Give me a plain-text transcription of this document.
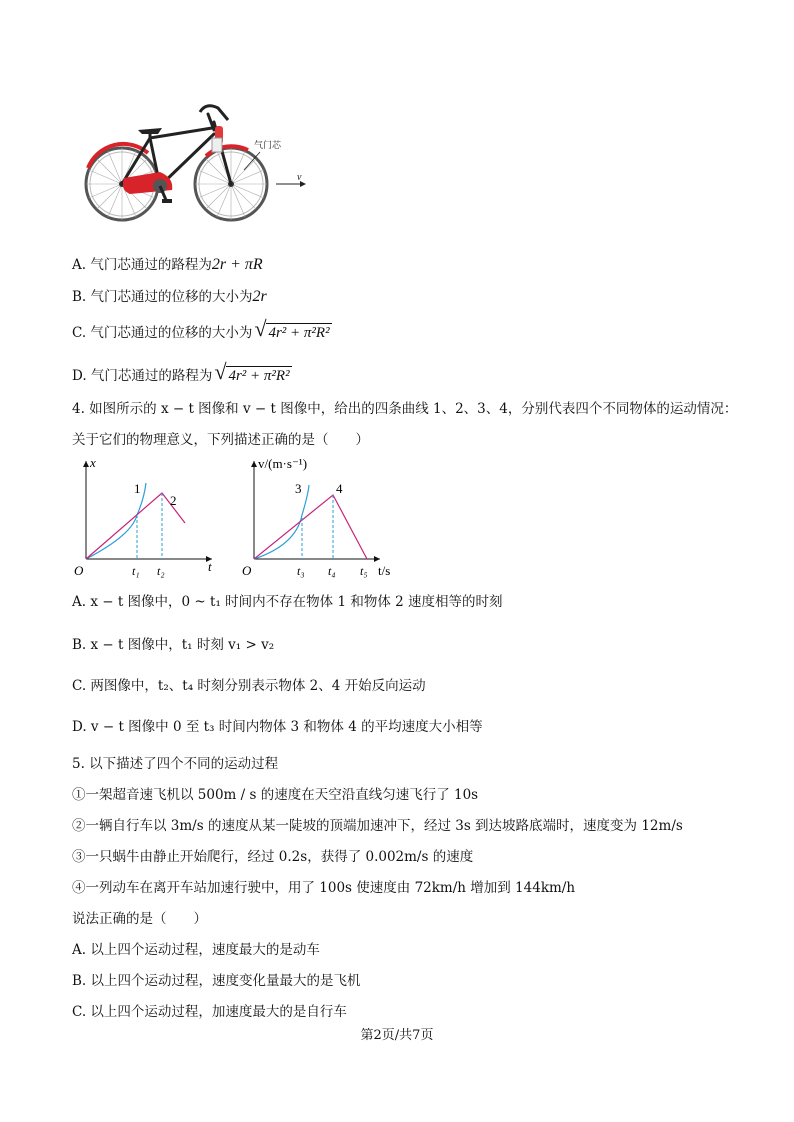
气门芯
v
A. 气门芯通过的路程为2r + πR
B. 气门芯通过的位移的大小为2r
C. 气门芯通过的位移的大小为 √ 4r² + π²R²
D. 气门芯通过的路程为 √ 4r² + π²R²
4. 如图所示的 x − t 图像和 v − t 图像中，给出的四条曲线 1、2、3、4，分别代表四个不同物体的运动情况：
关于它们的物理意义，下列描述正确的是（　　）
x
t
O
1
2
t₁ t₂
v/(m·s⁻¹)
t/s
O
3	4
t₃ t₄ t₅
A. x − t 图像中，0 ~ t₁ 时间内不存在物体 1 和物体 2 速度相等的时刻
B. x − t 图像中，t₁ 时刻 v₁ > v₂
C. 两图像中，t₂、t₄ 时刻分别表示物体 2、4 开始反向运动
D. v − t 图像中 0 至 t₃ 时间内物体 3 和物体 4 的平均速度大小相等
5. 以下描述了四个不同的运动过程
①一架超音速飞机以 500m / s 的速度在天空沿直线匀速飞行了 10s
②一辆自行车以 3m/s 的速度从某一陡坡的顶端加速冲下，经过 3s 到达坡路底端时，速度变为 12m/s
③一只蜗牛由静止开始爬行，经过 0.2s，获得了 0.002m/s 的速度
④一列动车在离开车站加速行驶中，用了 100s 使速度由 72km/h 增加到 144km/h
说法正确的是（　　）
A. 以上四个运动过程，速度最大的是动车
B. 以上四个运动过程，速度变化量最大的是飞机
C. 以上四个运动过程，加速度最大的是自行车
第2页/共7页
